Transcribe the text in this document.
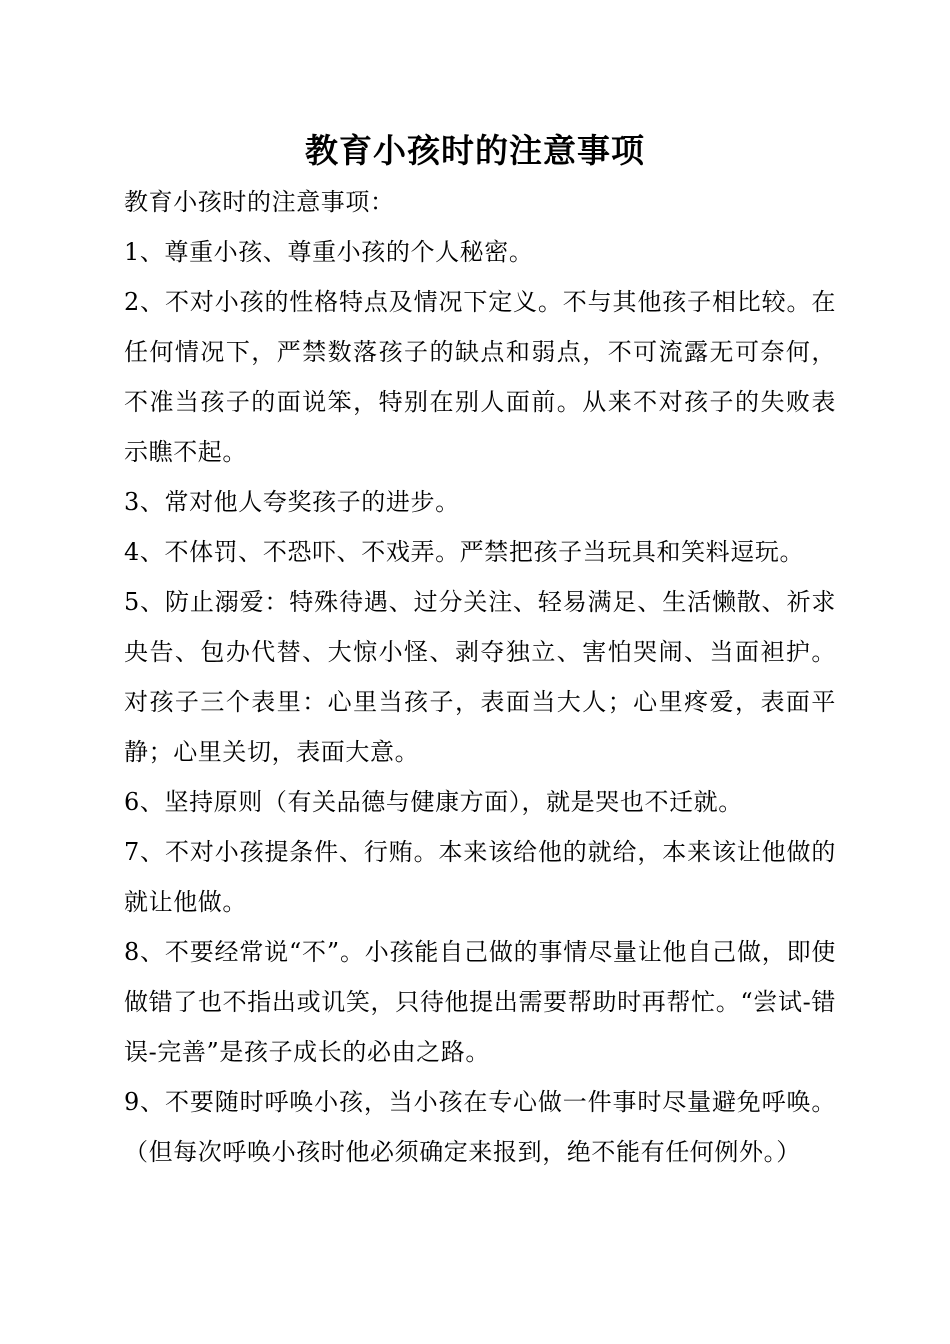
教育小孩时的注意事项

教育小孩时的注意事项：

1、尊重小孩、尊重小孩的个人秘密。

2、不对小孩的性格特点及情况下定义。不与其他孩子相比较。在任何情况下，严禁数落孩子的缺点和弱点，不可流露无可奈何，不准当孩子的面说笨，特别在别人面前。从来不对孩子的失败表示瞧不起。

3、常对他人夸奖孩子的进步。

4、不体罚、不恐吓、不戏弄。严禁把孩子当玩具和笑料逗玩。

5、防止溺爱：特殊待遇、过分关注、轻易满足、生活懒散、祈求央告、包办代替、大惊小怪、剥夺独立、害怕哭闹、当面袒护。对孩子三个表里：心里当孩子，表面当大人；心里疼爱，表面平静；心里关切，表面大意。

6、坚持原则（有关品德与健康方面），就是哭也不迁就。

7、不对小孩提条件、行贿。本来该给他的就给，本来该让他做的就让他做。

8、不要经常说“不”。小孩能自己做的事情尽量让他自己做，即使做错了也不指出或讥笑，只待他提出需要帮助时再帮忙。“尝试-错误-完善”是孩子成长的必由之路。

9、不要随时呼唤小孩，当小孩在专心做一件事时尽量避免呼唤。（但每次呼唤小孩时他必须确定来报到，绝不能有任何例外。）
